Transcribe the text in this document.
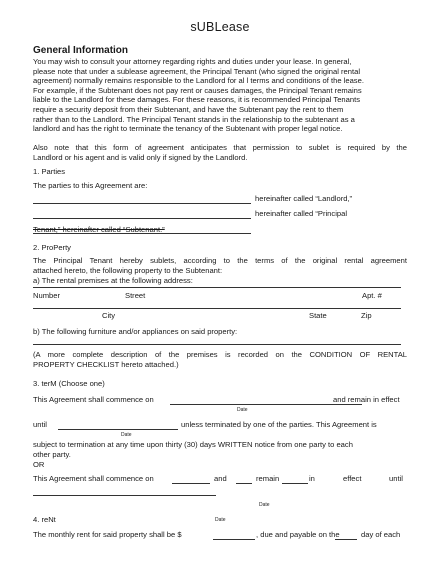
sUBLease
General Information

You may wish to consult your attorney regarding rights and duties under your lease. In general,

please note that under a sublease agreement, the Principal Tenant (who signed the original rental

agreement) normally remains responsible to the Landlord for al l terms and conditions of the lease.

For example, if the Subtenant does not pay rent or causes damages, the Principal Tenant remains

liable to the Landlord for these damages. For these reasons, it is recommended Principal Tenants

require a security deposit from their Subtenant, and have the Subtenant pay the rent to them

rather than to the Landlord. The Principal Tenant stands in the relationship to the subtenant as a

landlord and has the right to terminate the tenancy of the Subtenant with proper legal notice.

Also note that this form of agreement anticipates that permission to sublet is required by the

Landlord or his agent and is valid only if signed by the Landlord.

1. Parties
The parties to this Agreement are:
hereinafter called “Landlord,”
hereinafter called “Principal
Tenant,” hereinafter called “Subtenant.”
2. ProPerty

The Principal Tenant hereby sublets, according to the terms of the original rental agreement

attached hereto, the following property to the Subtenant:

a) The rental premises at the following address:
Number	Street	Apt. #
City	State	Zip
b) The following furniture and/or appliances on said property:

(A more complete description of the premises is recorded on the CONDITION OF RENTAL

PROPERTY CHECKLIST hereto attached.)

3. terM (Choose one)
This Agreement shall commence on	and remain in effect
Date
until	unless terminated by one of the parties. This Agreement is
Date
subject to termination at any time upon thirty (30) days WRITTEN notice from one party to each
other party.
OR
This Agreement shall commence on	and	remain	in	effect	until
Date
4. reNt	Date
The monthly rent for said property shall be $	, due and payable on the	day of each
